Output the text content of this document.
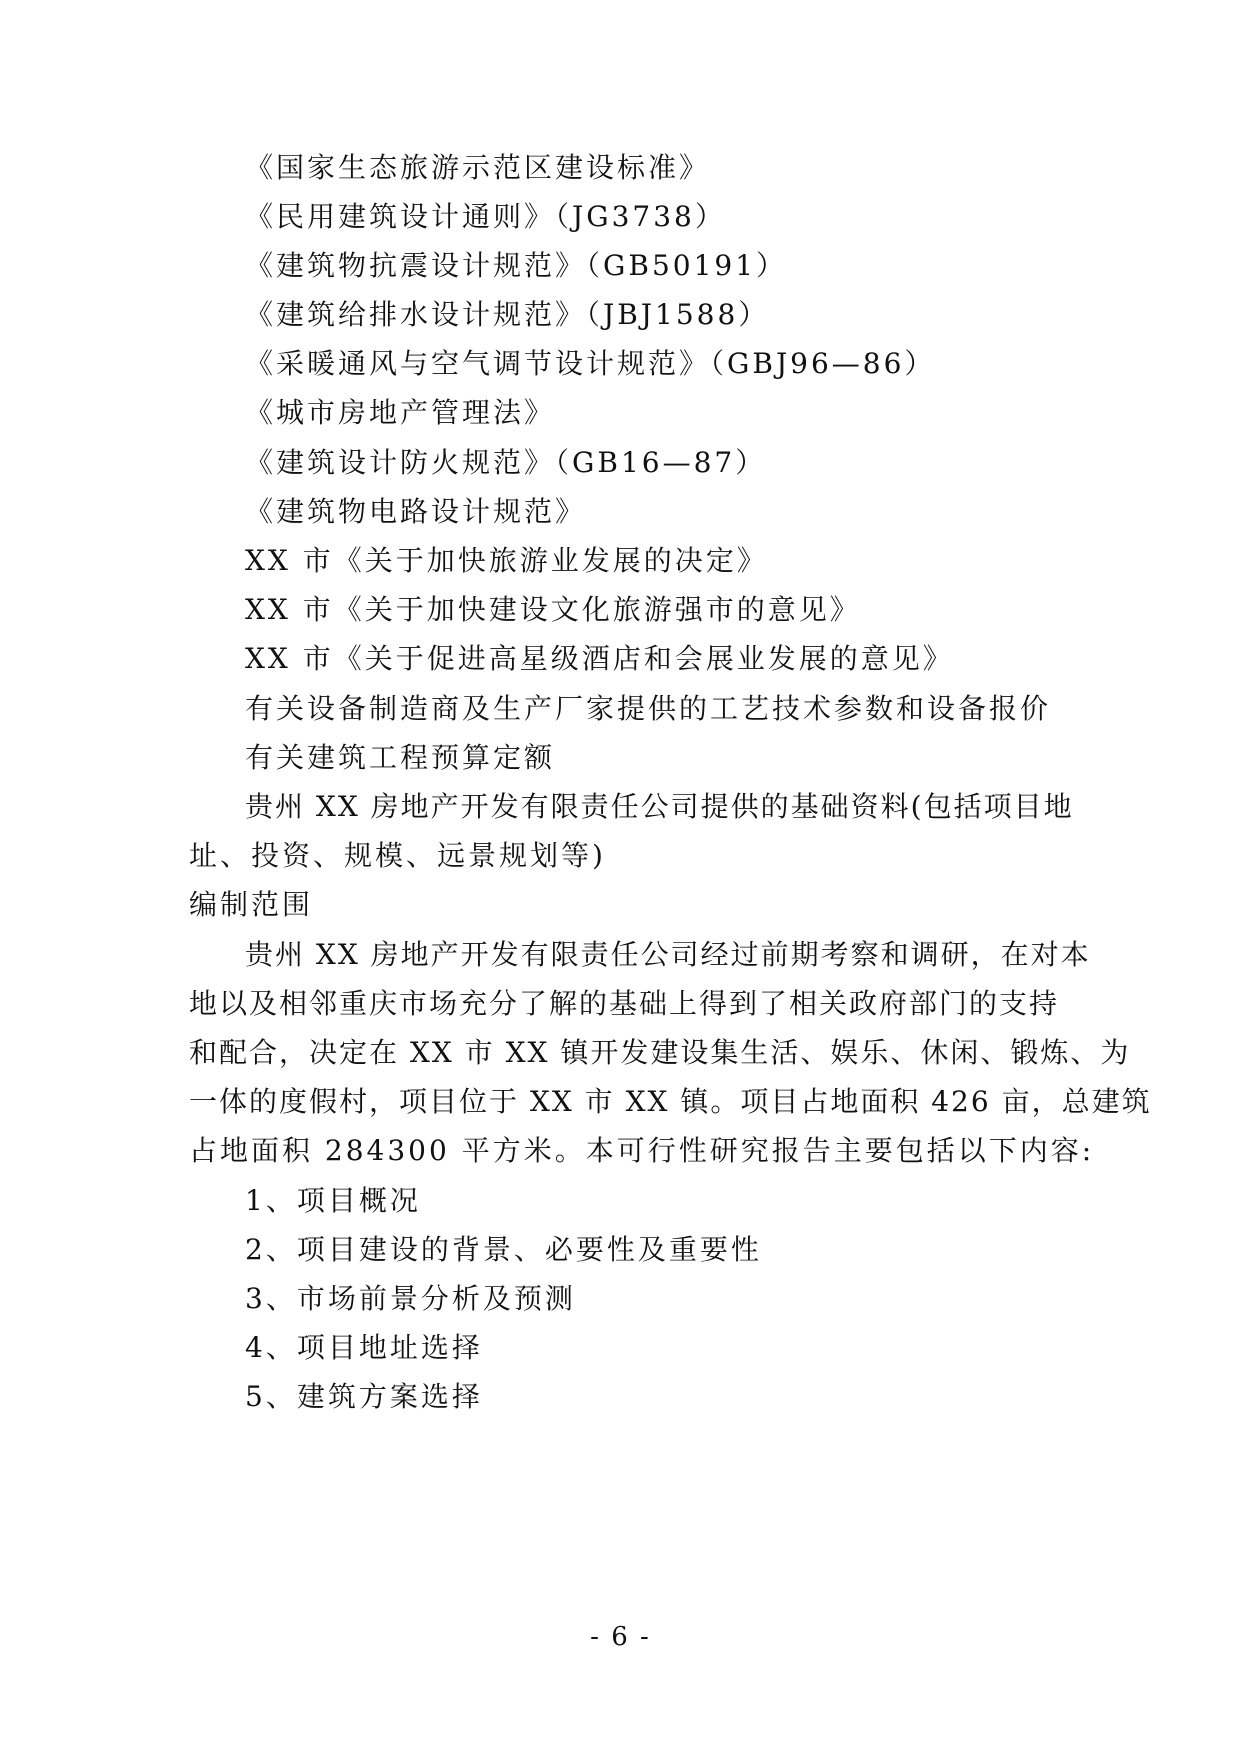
《国家生态旅游示范区建设标准》
《民用建筑设计通则》（JG3738）
《建筑物抗震设计规范》（GB50191）
《建筑给排水设计规范》（JBJ1588）
《采暖通风与空气调节设计规范》（GBJ96—86）
《城市房地产管理法》
《建筑设计防火规范》（GB16—87）
《建筑物电路设计规范》
XX 市《关于加快旅游业发展的决定》
XX 市《关于加快建设文化旅游强市的意见》
XX 市《关于促进高星级酒店和会展业发展的意见》
有关设备制造商及生产厂家提供的工艺技术参数和设备报价
有关建筑工程预算定额
贵州 XX 房地产开发有限责任公司提供的基础资料(包括项目地
址、投资、规模、远景规划等)
编制范围
贵州 XX 房地产开发有限责任公司经过前期考察和调研，在对本
地以及相邻重庆市场充分了解的基础上得到了相关政府部门的支持
和配合，决定在 XX 市 XX 镇开发建设集生活、娱乐、休闲、锻炼、为
一体的度假村，项目位于 XX 市 XX 镇。项目占地面积 426 亩，总建筑
占地面积 284300 平方米。本可行性研究报告主要包括以下内容:
1、项目概况
2、项目建设的背景、必要性及重要性
3、市场前景分析及预测
4、项目地址选择
5、建筑方案选择
- 6 -
